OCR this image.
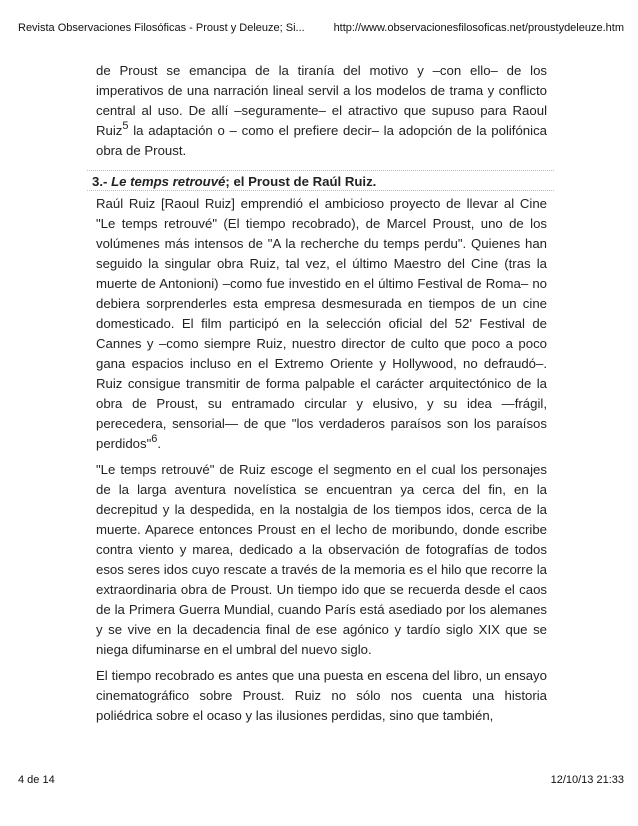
Revista Observaciones Filosóficas - Proust y Deleuze; Si...	http://www.observacionesfilosoficas.net/proustydeleuze.htm

de Proust se emancipa de la tiranía del motivo y –con ello– de los imperativos de una narración lineal servil a los modelos de trama y conflicto central al uso. De allí –seguramente– el atractivo que supuso para Raoul Ruiz$^5$ la adaptación o – como el prefiere decir– la adopción de la polifónica obra de Proust.

3.- Le temps retrouvé; el Proust de Raúl Ruiz.

Raúl Ruiz [Raoul Ruiz] emprendió el ambicioso proyecto de llevar al Cine "Le temps retrouvé" (El tiempo recobrado), de Marcel Proust, uno de los volúmenes más intensos de "A la recherche du temps perdu". Quienes han seguido la singular obra Ruiz, tal vez, el último Maestro del Cine (tras la muerte de Antonioni) –como fue investido en el último Festival de Roma– no debiera sorprenderles esta empresa desmesurada en tiempos de un cine domesticado. El film participó en la selección oficial del 52' Festival de Cannes y –como siempre Ruiz, nuestro director de culto que poco a poco gana espacios incluso en el Extremo Oriente y Hollywood, no defraudó–. Ruiz consigue transmitir de forma palpable el carácter arquitectónico de la obra de Proust, su entramado circular y elusivo, y su idea —frágil, perecedera, sensorial— de que "los verdaderos paraísos son los paraísos perdidos"$^6$.

"Le temps retrouvé" de Ruiz escoge el segmento en el cual los personajes de la larga aventura novelística se encuentran ya cerca del fin, en la decrepitud y la despedida, en la nostalgia de los tiempos idos, cerca de la muerte. Aparece entonces Proust en el lecho de moribundo, donde escribe contra viento y marea, dedicado a la observación de fotografías de todos esos seres idos cuyo rescate a través de la memoria es el hilo que recorre la extraordinaria obra de Proust. Un tiempo ido que se recuerda desde el caos de la Primera Guerra Mundial, cuando París está asediado por los alemanes y se vive en la decadencia final de ese agónico y tardío siglo XIX que se niega difuminarse en el umbral del nuevo siglo.

El tiempo recobrado es antes que una puesta en escena del libro, un ensayo cinematográfico sobre Proust. Ruiz no sólo nos cuenta una historia poliédrica sobre el ocaso y las ilusiones perdidas, sino que también,

4 de 14	12/10/13 21:33
